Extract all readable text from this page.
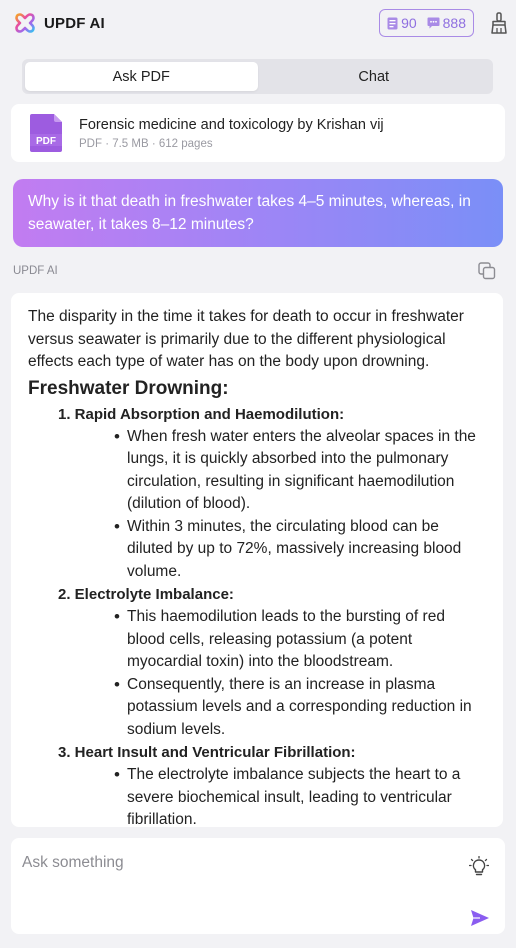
UPDF AI	90 888
Ask PDF	Chat
PDF
Forensic medicine and toxicology by Krishan vij
PDF · 7.5 MB · 612 pages
Why is it that death in freshwater takes 4–5 minutes, whereas, in seawater, it takes 8–12 minutes?
UPDF AI

The disparity in the time it takes for death to occur in freshwater versus seawater is primarily due to the different physiological effects each type of water has on the body upon drowning.

Freshwater Drowning:
1. Rapid Absorption and Haemodilution:
• When fresh water enters the alveolar spaces in the lungs, it is quickly absorbed into the pulmonary circulation, resulting in significant haemodilution (dilution of blood).
• Within 3 minutes, the circulating blood can be diluted by up to 72%, massively increasing blood volume.
2. Electrolyte Imbalance:
• This haemodilution leads to the bursting of red blood cells, releasing potassium (a potent myocardial toxin) into the bloodstream.
• Consequently, there is an increase in plasma potassium levels and a corresponding reduction in sodium levels.
3. Heart Insult and Ventricular Fibrillation:
• The electrolyte imbalance subjects the heart to a severe biochemical insult, leading to ventricular fibrillation.
Ask something
